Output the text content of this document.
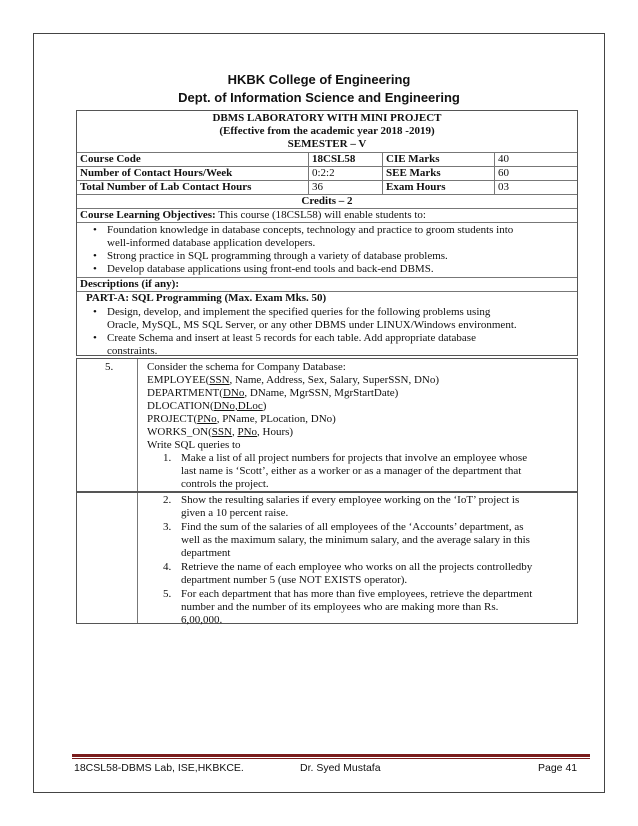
HKBK College of Engineering
Dept. of Information Science and Engineering
DBMS LABORATORY WITH MINI PROJECT
(Effective from the academic year 2018 -2019)
SEMESTER – V
Course Code	18CSL58	CIE Marks	40
Number of Contact Hours/Week	0:2:2	SEE Marks	60
Total Number of Lab Contact Hours	36	Exam Hours	03
Credits – 2
Course Learning Objectives: This course (18CSL58) will enable students to:
• Foundation knowledge in database concepts, technology and practice to groom students into
well-informed database application developers.
• Strong practice in SQL programming through a variety of database problems.
• Develop database applications using front-end tools and back-end DBMS.
Descriptions (if any):
PART-A: SQL Programming (Max. Exam Mks. 50)
• Design, develop, and implement the specified queries for the following problems using
Oracle, MySQL, MS SQL Server, or any other DBMS under LINUX/Windows environment.
• Create Schema and insert at least 5 records for each table. Add appropriate database
constraints.
5.	Consider the schema for Company Database:
EMPLOYEE(SSN, Name, Address, Sex, Salary, SuperSSN, DNo)
DEPARTMENT(DNo, DName, MgrSSN, MgrStartDate)
DLOCATION(DNo,DLoc)
PROJECT(PNo, PName, PLocation, DNo)
WORKS_ON(SSN, PNo, Hours)
Write SQL queries to
1. Make a list of all project numbers for projects that involve an employee whose
last name is ‘Scott’, either as a worker or as a manager of the department that
controls the project.
2. Show the resulting salaries if every employee working on the ‘IoT’ project is
given a 10 percent raise.
3. Find the sum of the salaries of all employees of the ‘Accounts’ department, as
well as the maximum salary, the minimum salary, and the average salary in this
department
4. Retrieve the name of each employee who works on all the projects controlledby
department number 5 (use NOT EXISTS operator).
5. For each department that has more than five employees, retrieve the department
number and the number of its employees who are making more than Rs.
6,00,000.
18CSL58-DBMS Lab, ISE,HKBKCE.	Dr. Syed Mustafa	Page 41
